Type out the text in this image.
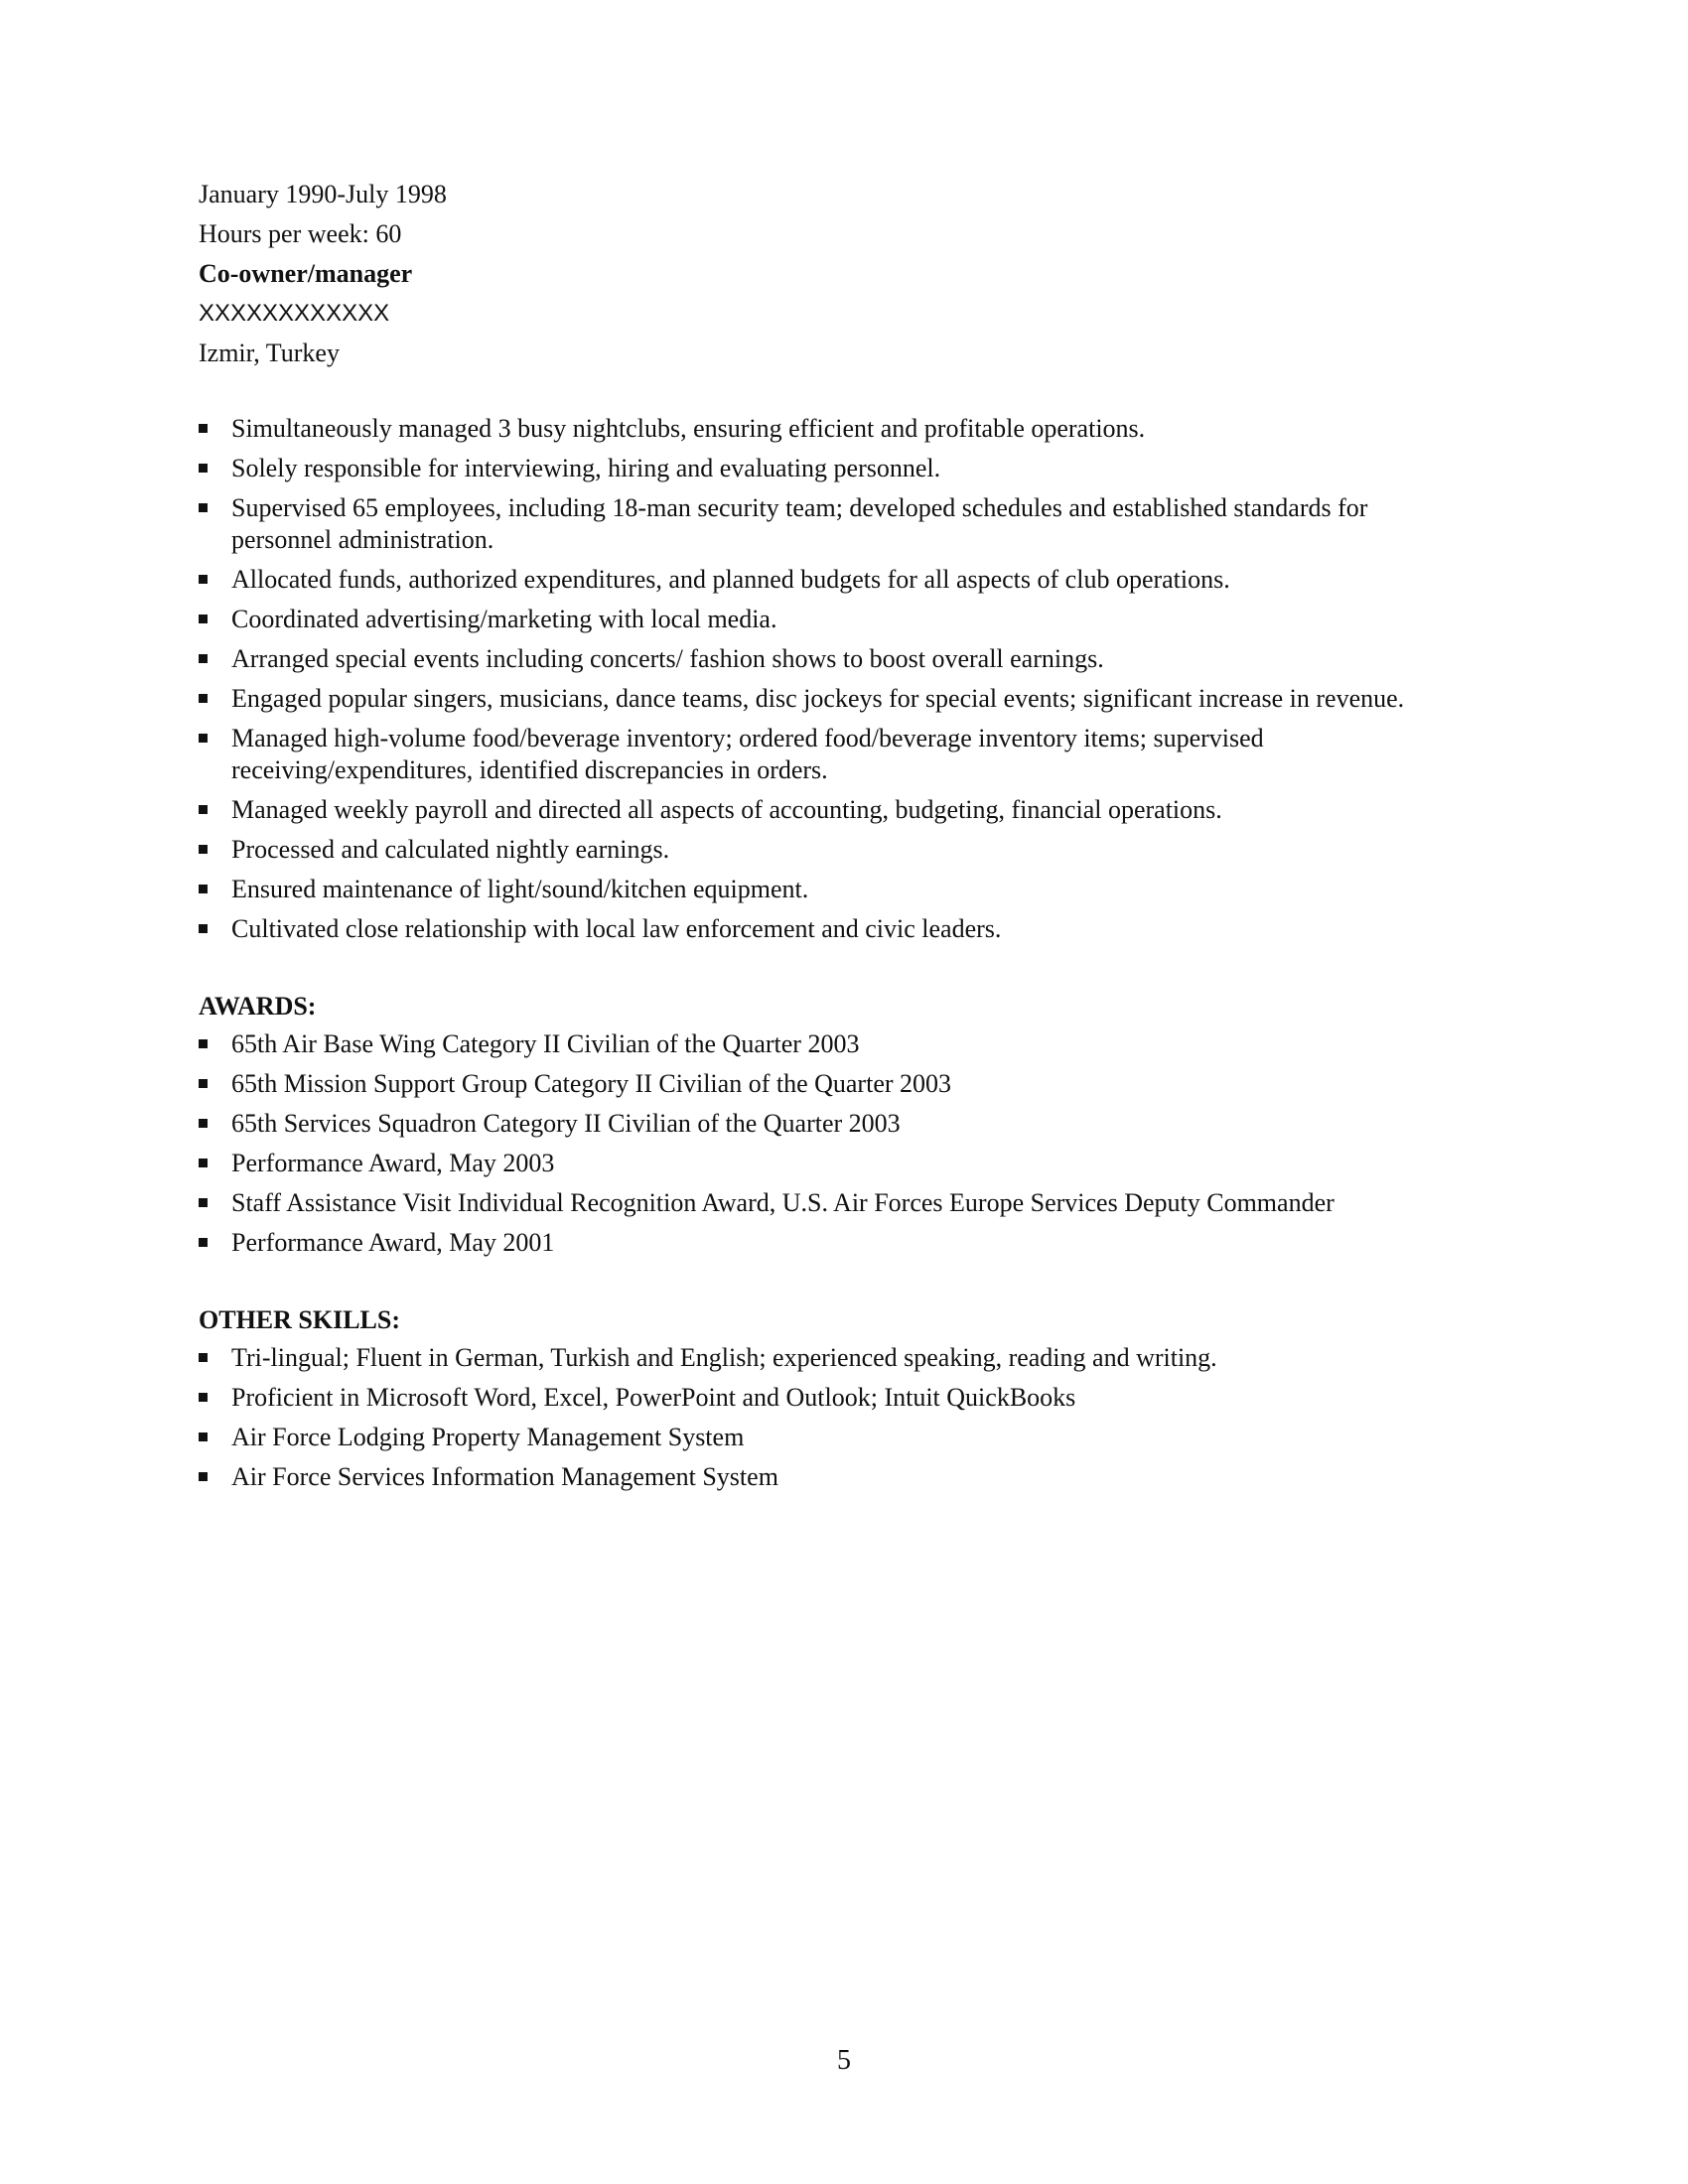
January 1990-July 1998
Hours per week: 60
Co-owner/manager
XXXXXXXXXXXX
Izmir, Turkey
Simultaneously managed 3 busy nightclubs, ensuring efficient and profitable operations.
Solely responsible for interviewing, hiring and evaluating personnel.
Supervised 65 employees, including 18-man security team; developed schedules and established standards for personnel administration.
Allocated funds, authorized expenditures, and planned budgets for all aspects of club operations.
Coordinated advertising/marketing with local media.
Arranged special events including concerts/ fashion shows to boost overall earnings.
Engaged popular singers, musicians, dance teams, disc jockeys for special events; significant increase in revenue.
Managed high-volume food/beverage inventory; ordered food/beverage inventory items; supervised receiving/expenditures, identified discrepancies in orders.
Managed weekly payroll and directed all aspects of accounting, budgeting, financial operations.
Processed and calculated nightly earnings.
Ensured maintenance of light/sound/kitchen equipment.
Cultivated close relationship with local law enforcement and civic leaders.
AWARDS:
65th Air Base Wing Category II Civilian of the Quarter 2003
65th Mission Support Group Category II Civilian of the Quarter 2003
65th Services Squadron Category II Civilian of the Quarter 2003
Performance Award, May 2003
Staff Assistance Visit Individual Recognition Award, U.S. Air Forces Europe Services Deputy Commander
Performance Award, May 2001
OTHER SKILLS:
Tri-lingual; Fluent in German, Turkish and English; experienced speaking, reading and writing.
Proficient in Microsoft Word, Excel, PowerPoint and Outlook; Intuit QuickBooks
Air Force Lodging Property Management System
Air Force Services Information Management System
5
